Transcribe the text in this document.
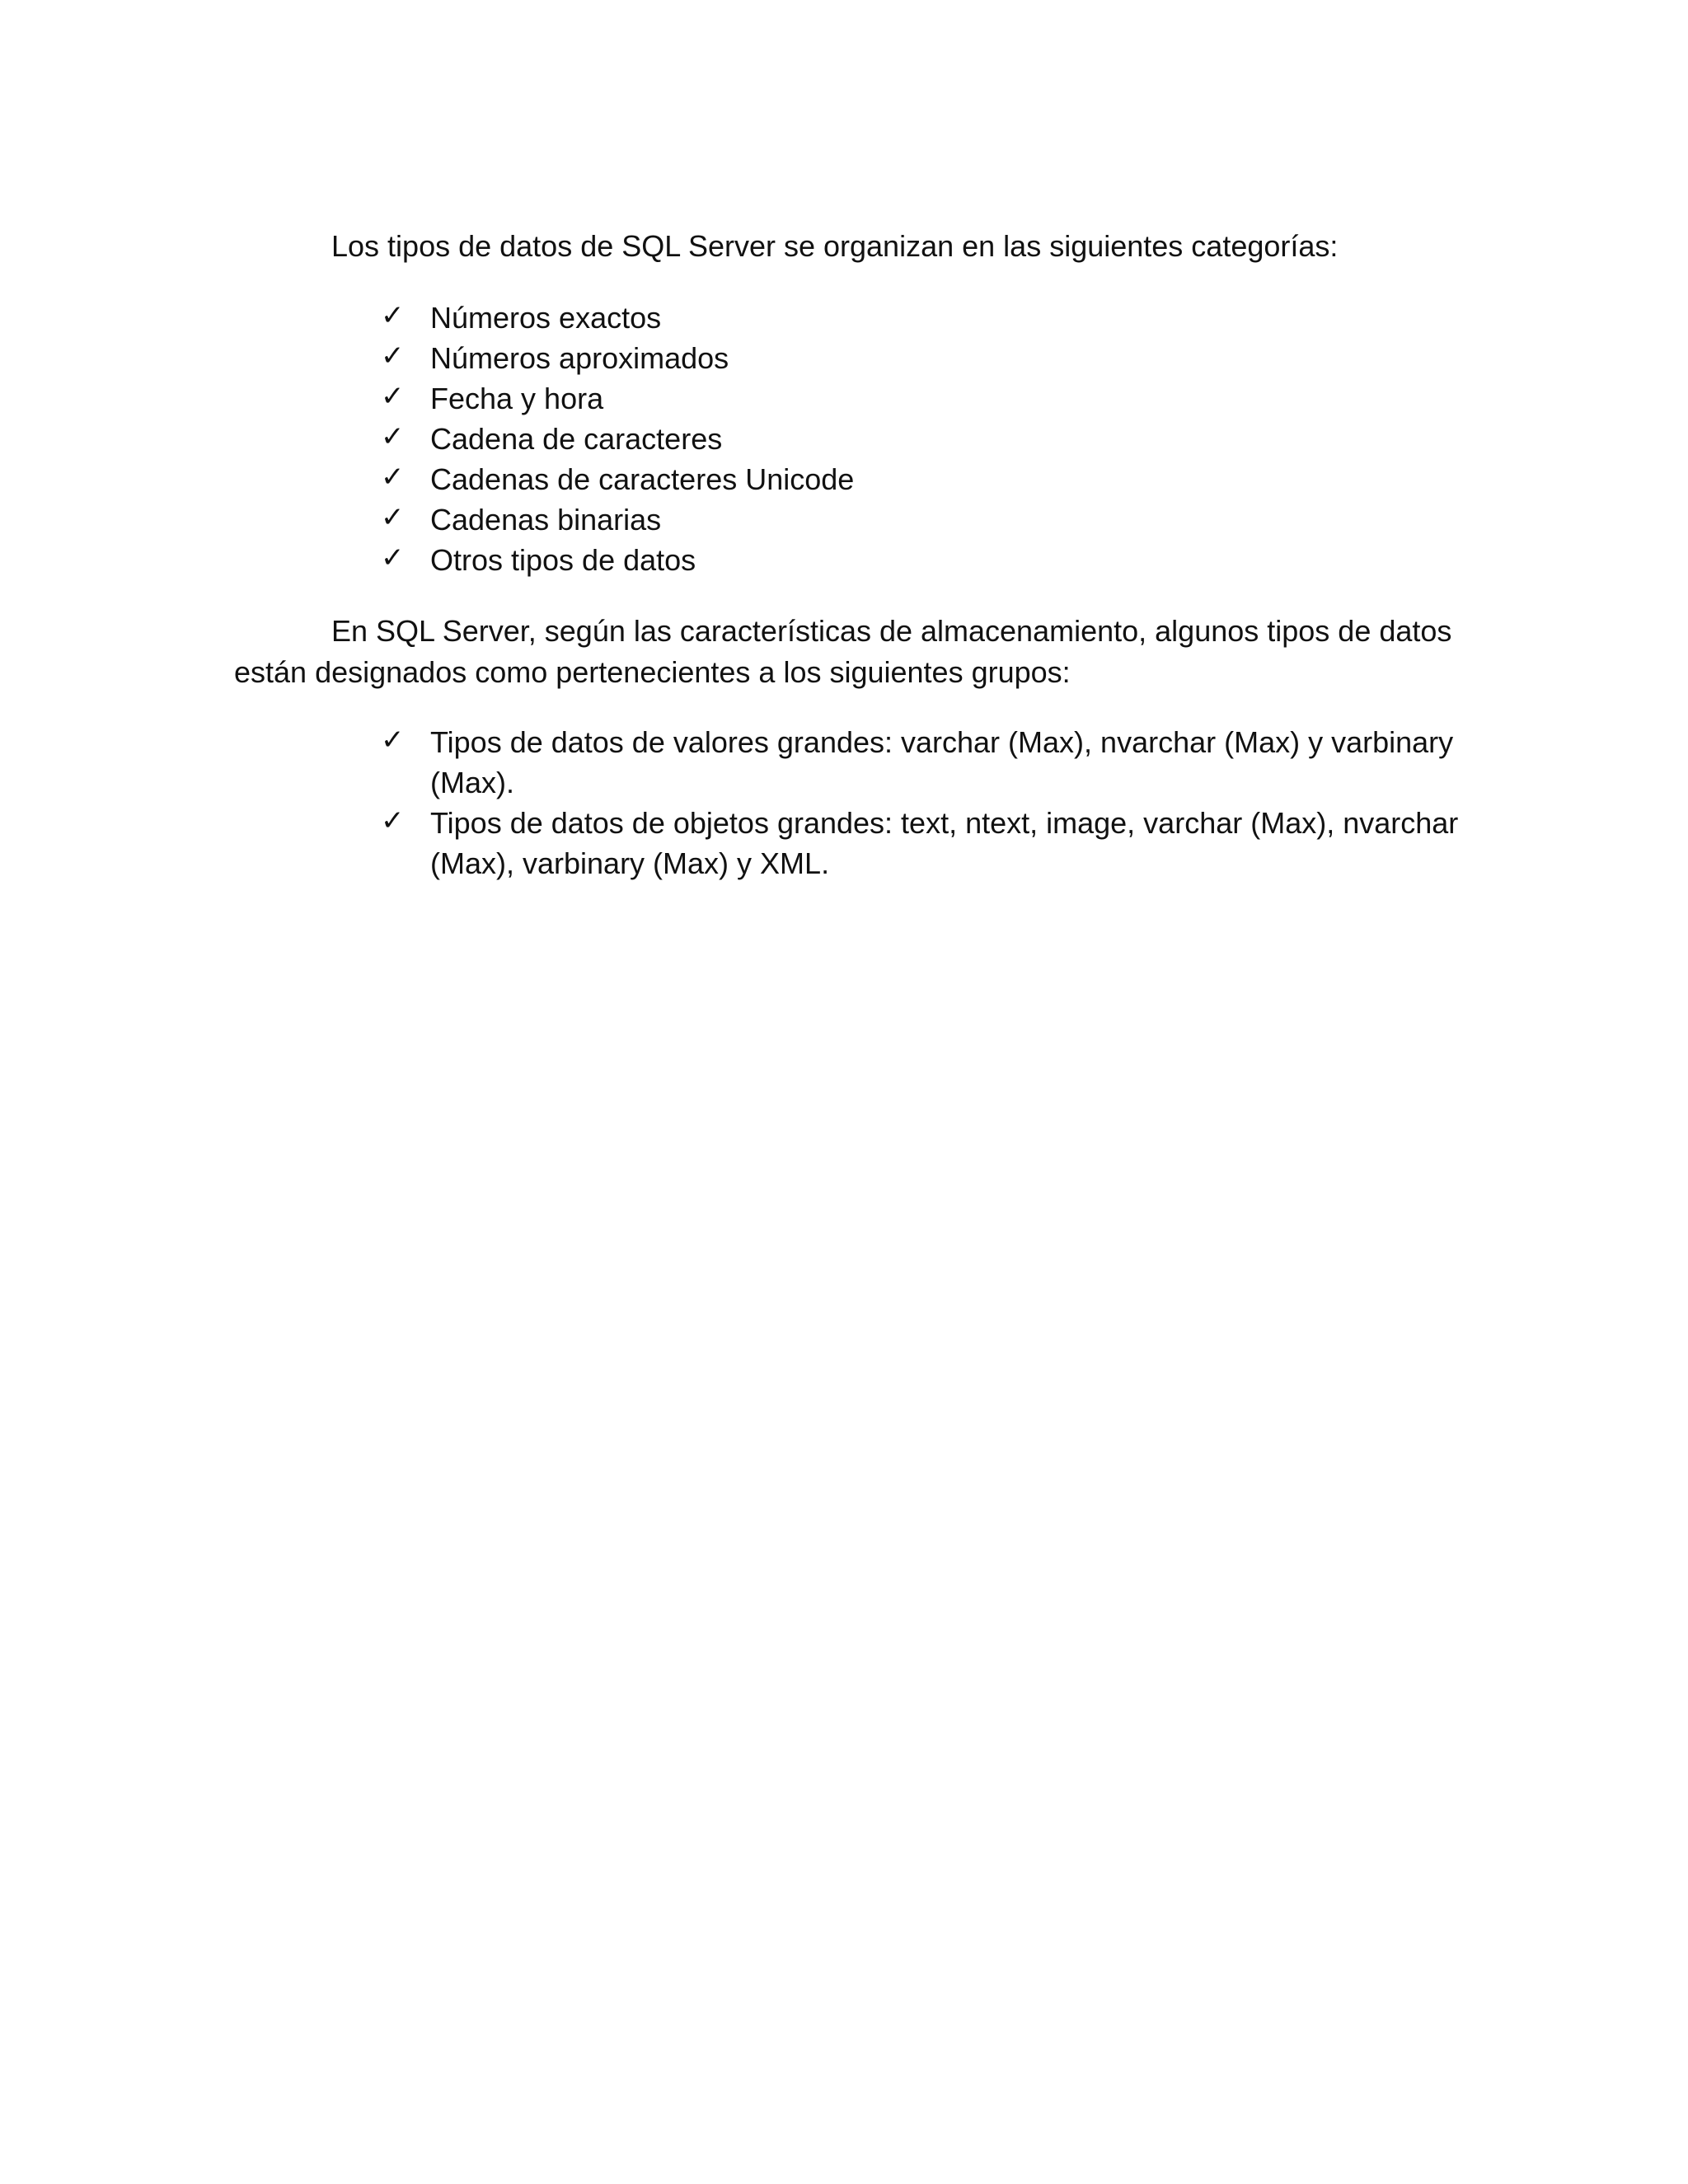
Los tipos de datos de SQL Server se organizan en las siguientes categorías:

✓ Números exactos
✓ Números aproximados
✓ Fecha y hora
✓ Cadena de caracteres
✓ Cadenas de caracteres Unicode
✓ Cadenas binarias
✓ Otros tipos de datos

En SQL Server, según las características de almacenamiento, algunos tipos de datos
están designados como pertenecientes a los siguientes grupos:

✓ Tipos de datos de valores grandes: varchar (Max), nvarchar (Max) y varbinary (Max).
✓ Tipos de datos de objetos grandes: text, ntext, image, varchar (Max), nvarchar (Max), varbinary (Max) y XML.
